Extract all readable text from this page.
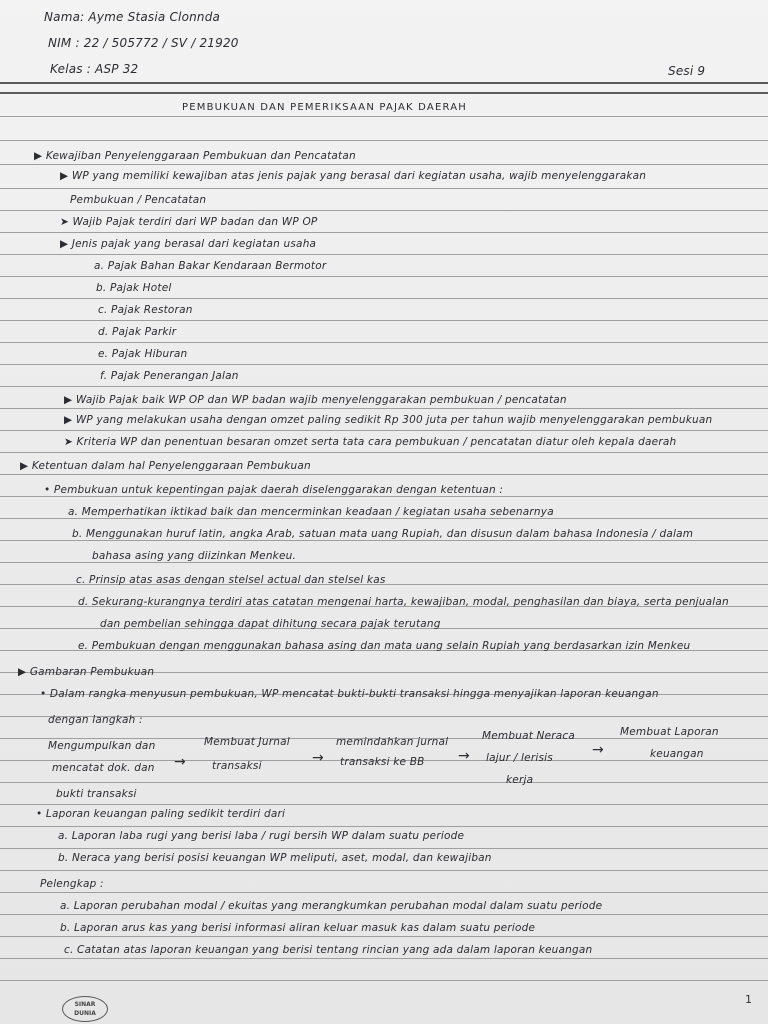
Nama: Ayme Stasia Clonnda
NIM : 22 / 505772 / SV / 21920
Kelas : ASP 32	Sesi 9
PEMBUKUAN DAN PEMERIKSAAN PAJAK DAERAH
▶ Kewajiban Penyelenggaraan Pembukuan dan Pencatatan
▶ WP yang memiliki kewajiban atas jenis pajak yang berasal dari kegiatan usaha, wajib menyelenggarakan
Pembukuan / Pencatatan
➤ Wajib Pajak terdiri dari WP badan dan WP OP
▶ Jenis pajak yang berasal dari kegiatan usaha
a. Pajak Bahan Bakar Kendaraan Bermotor
b. Pajak Hotel
c. Pajak Restoran
d. Pajak Parkir
e. Pajak Hiburan
f. Pajak Penerangan Jalan
▶ Wajib Pajak baik WP OP dan WP badan wajib menyelenggarakan pembukuan / pencatatan
▶ WP yang melakukan usaha dengan omzet paling sedikit Rp 300 juta per tahun wajib menyelenggarakan pembukuan
➤ Kriteria WP dan penentuan besaran omzet serta tata cara pembukuan / pencatatan diatur oleh kepala daerah
▶ Ketentuan dalam hal Penyelenggaraan Pembukuan
• Pembukuan untuk kepentingan pajak daerah diselenggarakan dengan ketentuan :
a. Memperhatikan iktikad baik dan mencerminkan keadaan / kegiatan usaha sebenarnya
b. Menggunakan huruf latin, angka Arab, satuan mata uang Rupiah, dan disusun dalam bahasa Indonesia / dalam
bahasa asing yang diizinkan Menkeu.
c. Prinsip atas asas dengan stelsel actual dan stelsel kas
d. Sekurang-kurangnya terdiri atas catatan mengenai harta, kewajiban, modal, penghasilan dan biaya, serta penjualan
dan pembelian sehingga dapat dihitung secara pajak terutang
e. Pembukuan dengan menggunakan bahasa asing dan mata uang selain Rupiah yang berdasarkan izin Menkeu
▶ Gambaran Pembukuan
• Dalam rangka menyusun pembukuan, WP mencatat bukti-bukti transaksi hingga menyajikan laporan keuangan
dengan langkah :
Mengumpulkan dan
mencatat dok. dan
bukti transaksi
→
Membuat Jurnal
transaksi	→
memindahkan jurnal
transaksi ke BB →
Membuat Neraca
lajur / lerisis
kerja
→
Membuat Laporan
keuangan
• Laporan keuangan paling sedikit terdiri dari
a. Laporan laba rugi yang berisi laba / rugi bersih WP dalam suatu periode
b. Neraca yang berisi posisi keuangan WP meliputi, aset, modal, dan kewajiban
Pelengkap :
a. Laporan perubahan modal / ekuitas yang merangkumkan perubahan modal dalam suatu periode
b. Laporan arus kas yang berisi informasi aliran keluar masuk kas dalam suatu periode
c. Catatan atas laporan keuangan yang berisi tentang rincian yang ada dalam laporan keuangan
SINAR DUNIA
1
